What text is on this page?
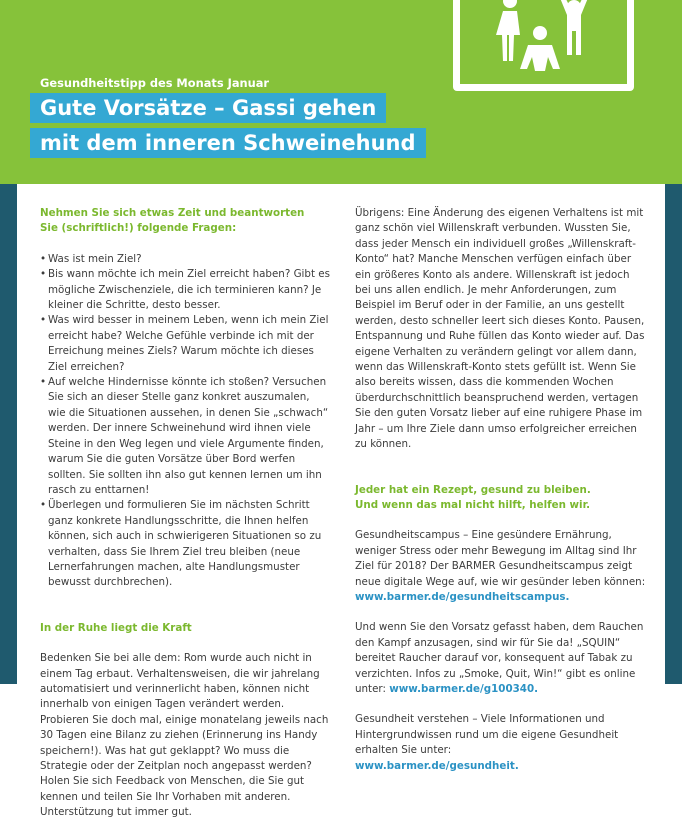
Gesundheitstipp des Monats Januar
Gute Vorsätze – Gassi gehen
mit dem inneren Schweinehund

Nehmen Sie sich etwas Zeit und beantworten

Sie (schriftlich!) folgende Fragen:

• Was ist mein Ziel?
• Bis wann möchte ich mein Ziel erreicht haben? Gibt es mögliche Zwischenziele, die ich terminieren kann? Je kleiner die Schritte, desto besser.
• Was wird besser in meinem Leben, wenn ich mein Ziel erreicht habe? Welche Gefühle verbinde ich mit der Erreichung meines Ziels? Warum möchte ich dieses Ziel erreichen?
• Auf welche Hindernisse könnte ich stoßen? Versuchen Sie sich an dieser Stelle ganz konkret auszumalen, wie die Situationen aussehen, in denen Sie „schwach“ werden. Der innere Schweinehund wird ihnen viele Steine in den Weg legen und viele Argumente finden, warum Sie die guten Vorsätze über Bord werfen sollten. Sie sollten ihn also gut kennen lernen um ihn rasch zu enttarnen!
• Überlegen und formulieren Sie im nächsten Schritt ganz konkrete Handlungsschritte, die Ihnen helfen können, sich auch in schwierigeren Situationen so zu verhalten, dass Sie Ihrem Ziel treu bleiben (neue Lernerfahrungen machen, alte Handlungsmuster bewusst durchbrechen).

In der Ruhe liegt die Kraft

Bedenken Sie bei alle dem: Rom wurde auch nicht in einem Tag erbaut. Verhaltensweisen, die wir jahrelang automatisiert und verinnerlicht haben, können nicht innerhalb von einigen Tagen verändert werden. Probieren Sie doch mal, einige monatelang jeweils nach 30 Tagen eine Bilanz zu ziehen (Erinnerung ins Handy speichern!). Was hat gut geklappt? Wo muss die Strategie oder der Zeitplan noch angepasst werden? Holen Sie sich Feedback von Menschen, die Sie gut kennen und teilen Sie Ihr Vorhaben mit anderen. Unterstützung tut immer gut.

Übrigens: Eine Änderung des eigenen Verhaltens ist mit ganz schön viel Willenskraft verbunden. Wussten Sie, dass jeder Mensch ein individuell großes „Willenskraft-Konto“ hat? Manche Menschen verfügen einfach über ein größeres Konto als andere. Willenskraft ist jedoch bei uns allen endlich. Je mehr Anforderungen, zum Beispiel im Beruf oder in der Familie, an uns gestellt werden, desto schneller leert sich dieses Konto. Pausen, Entspannung und Ruhe füllen das Konto wieder auf. Das eigene Verhalten zu verändern gelingt vor allem dann, wenn das Willenskraft-Konto stets gefüllt ist. Wenn Sie also bereits wissen, dass die kommenden Wochen überdurchschnittlich beanspruchend werden, vertagen Sie den guten Vorsatz lieber auf eine ruhigere Phase im Jahr – um Ihre Ziele dann umso erfolgreicher erreichen zu können.

Jeder hat ein Rezept, gesund zu bleiben.

Und wenn das mal nicht hilft, helfen wir.

Gesundheitscampus – Eine gesündere Ernährung, weniger Stress oder mehr Bewegung im Alltag sind Ihr Ziel für 2018? Der BARMER Gesundheitscampus zeigt neue digitale Wege auf, wie wir gesünder leben können:

www.barmer.de/gesundheitscampus.

Und wenn Sie den Vorsatz gefasst haben, dem Rauchen den Kampf anzusagen, sind wir für Sie da! „SQUIN“ bereitet Raucher darauf vor, konsequent auf Tabak zu verzichten. Infos zu „Smoke, Quit, Win!“ gibt es online unter: www.barmer.de/g100340.

Gesundheit verstehen – Viele Informationen und Hintergrundwissen rund um die eigene Gesundheit erhalten Sie unter:

www.barmer.de/gesundheit.
